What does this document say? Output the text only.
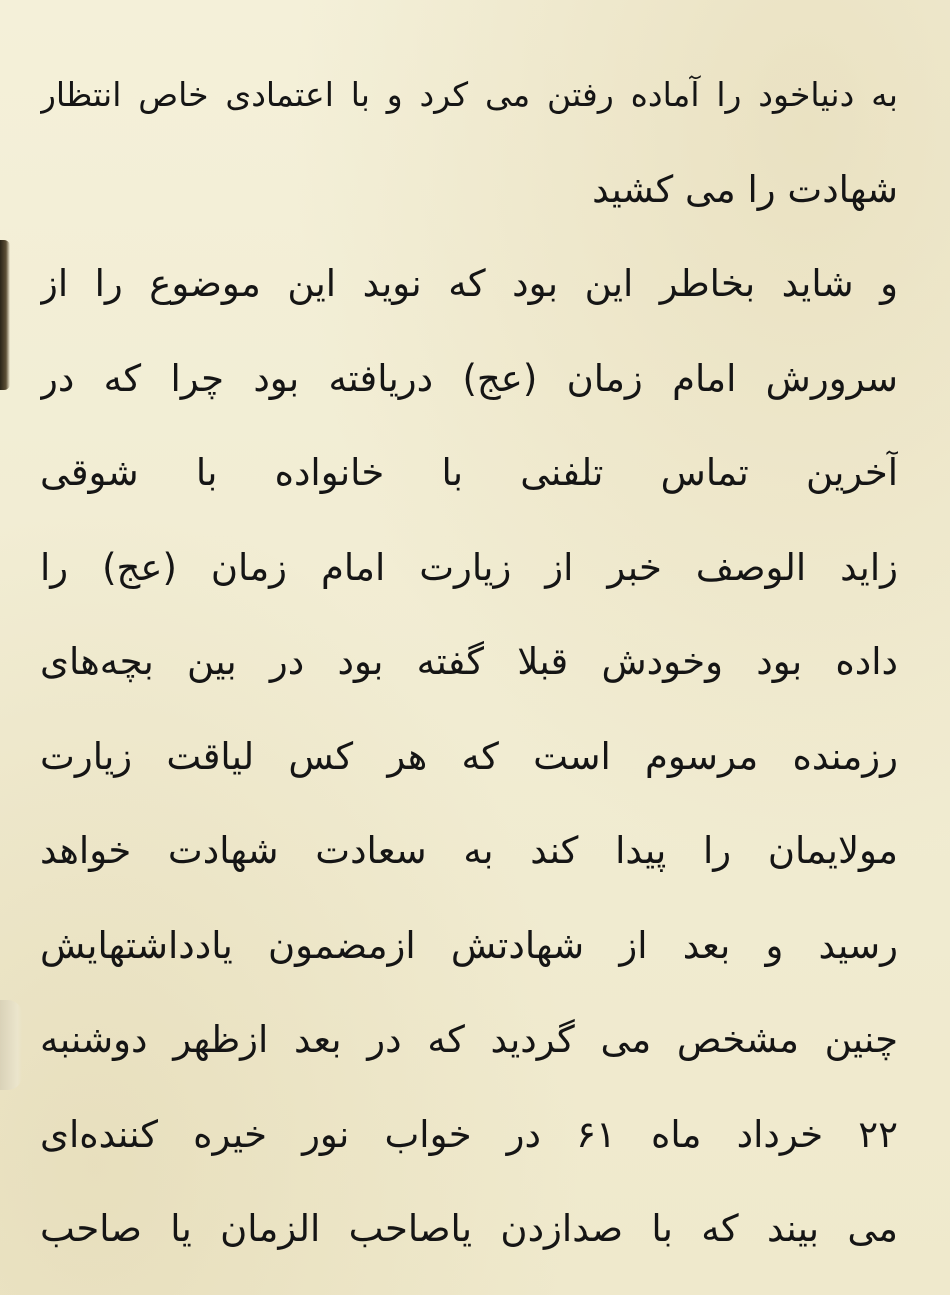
به دنیاخود را آماده رفتن می کرد و با اعتمادی خاص انتظار
شهادت را می کشید
و شاید بخاطر این بود که نوید این موضوع را از
سرورش امام زمان (عج) دریافته بود چرا که در
آخرین تماس تلفنی با خانواده با شوقی
زاید الوصف خبر از زیارت امام زمان (عج) را
داده بود وخودش قبلا گفته بود در بین بچه‌های
رزمنده مرسوم است که هر کس لیاقت زیارت
مولایمان را پیدا کند به سعادت شهادت خواهد
رسید و بعد از شهادتش ازمضمون یادداشتهایش
چنین مشخص می گردید که در بعد ازظهر دوشنبه
۲۲ خرداد ماه ۶۱ در خواب نور خیره کننده‌ای
می بیند که با صدازدن یاصاحب الزمان یا صاحب
